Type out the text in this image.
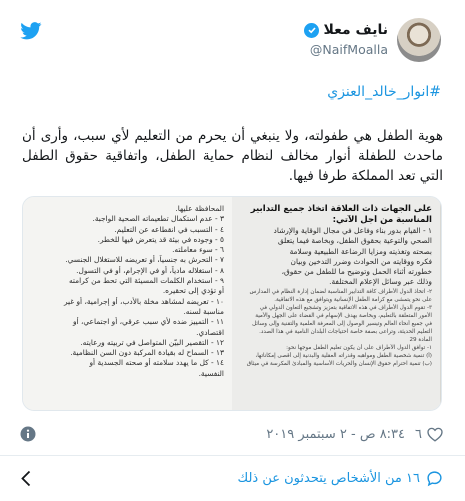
نايف معلا
@NaifMoalla
#انوار_خالد_العنزي
هوية الطفل هي طفولته، ولا ينبغي أن يحرم من التعليم لأي سبب، وأرى أن ماحدث للطفلة أنوار مخالف لنظام حماية الطفل، واتفاقية حقوق الطفل التي تعد المملكة طرفا فيها.
على الجهات ذات العلاقة اتخاذ جميع التدابير
المناسبة من أجل الآتي:
١ - القيام بدور بناء وفاعل في مجال الوقاية والإرشاد
الصحي والتوعية بحقوق الطفل، وبخاصة فيما يتعلق
بصحته وتغذيته ومزايا الرضاعة الطبيعية وسلامة
فكره ووقايته من الحوادث وضرر التدخين وبيان
خطورته أثناء الحمل وتوضيح ما للطفل من حقوق،
وذلك عبر وسائل الإعلام المختلفة.
٢- اتخاذ الدول الأطراف كافة التدابير المناسبة لضمان إدارة النظام في المدارس
على نحو يتمشى مع كرامة الطفل الإنسانية ويتوافق مع هذه الاتفاقية.
٣- تقوم الدول الأطراف في هذه الاتفاقية بتعزيز وتشجيع التعاون الدولي في
الأمور المتعلقة بالتعليم، وبخاصة بهدف الإسهام في القضاء على الجهل والأمية
في جميع أنحاء العالم وتيسير الوصول إلى المعرفة العلمية والتقنية وإلى وسائل
التعليم الحديثة، وتراعى بصفة خاصة احتياجات البلدان النامية في هذا الصدد.
المادة 29
١- توافق الدول الأطراف على أن يكون تعليم الطفل موجها نحو:
(أ) تنمية شخصية الطفل ومواهبه وقدراته العقلية والبدنية إلى أقصى إمكاناتها،
(ب) تنمية احترام حقوق الإنسان والحريات الأساسية والمبادئ المكرسة في ميثاق
المحافظة عليها.
٣ - عدم استكمال تطعيماته الصحية الواجبة.
٤ - التسبب في انقطاعه عن التعليم.
٥ - وجوده في بيئة قد يتعرض فيها للخطر.
٦ - سوء معاملته.
٧ - التحرش به جنسياً، أو تعريضه للاستغلال الجنسي.
٨ - استغلاله مادياً، أو في الإجرام، أو في التسول.
٩ - استخدام الكلمات المسيئة التي تحط من كرامته
أو تؤدي إلى تحقيره.
١٠ - تعريضه لمشاهد مخلة بالأدب، أو إجرامية، أو غير
مناسبة لسنه.
١١ - التمييز ضده لأي سبب عرقي، أو اجتماعي، أو
اقتصادي.
١٢ - التقصير البيّن المتواصل في تربيته ورعايته.
١٣ - السماح له بقيادة المركبة دون السن النظامية.
١٤ - كل ما يهدد سلامته أو صحته الجسدية أو
النفسية.
٦
٨:٣٤ ص - ٢ سبتمبر ٢٠١٩
١٦ من الأشخاص يتحدثون عن ذلك
